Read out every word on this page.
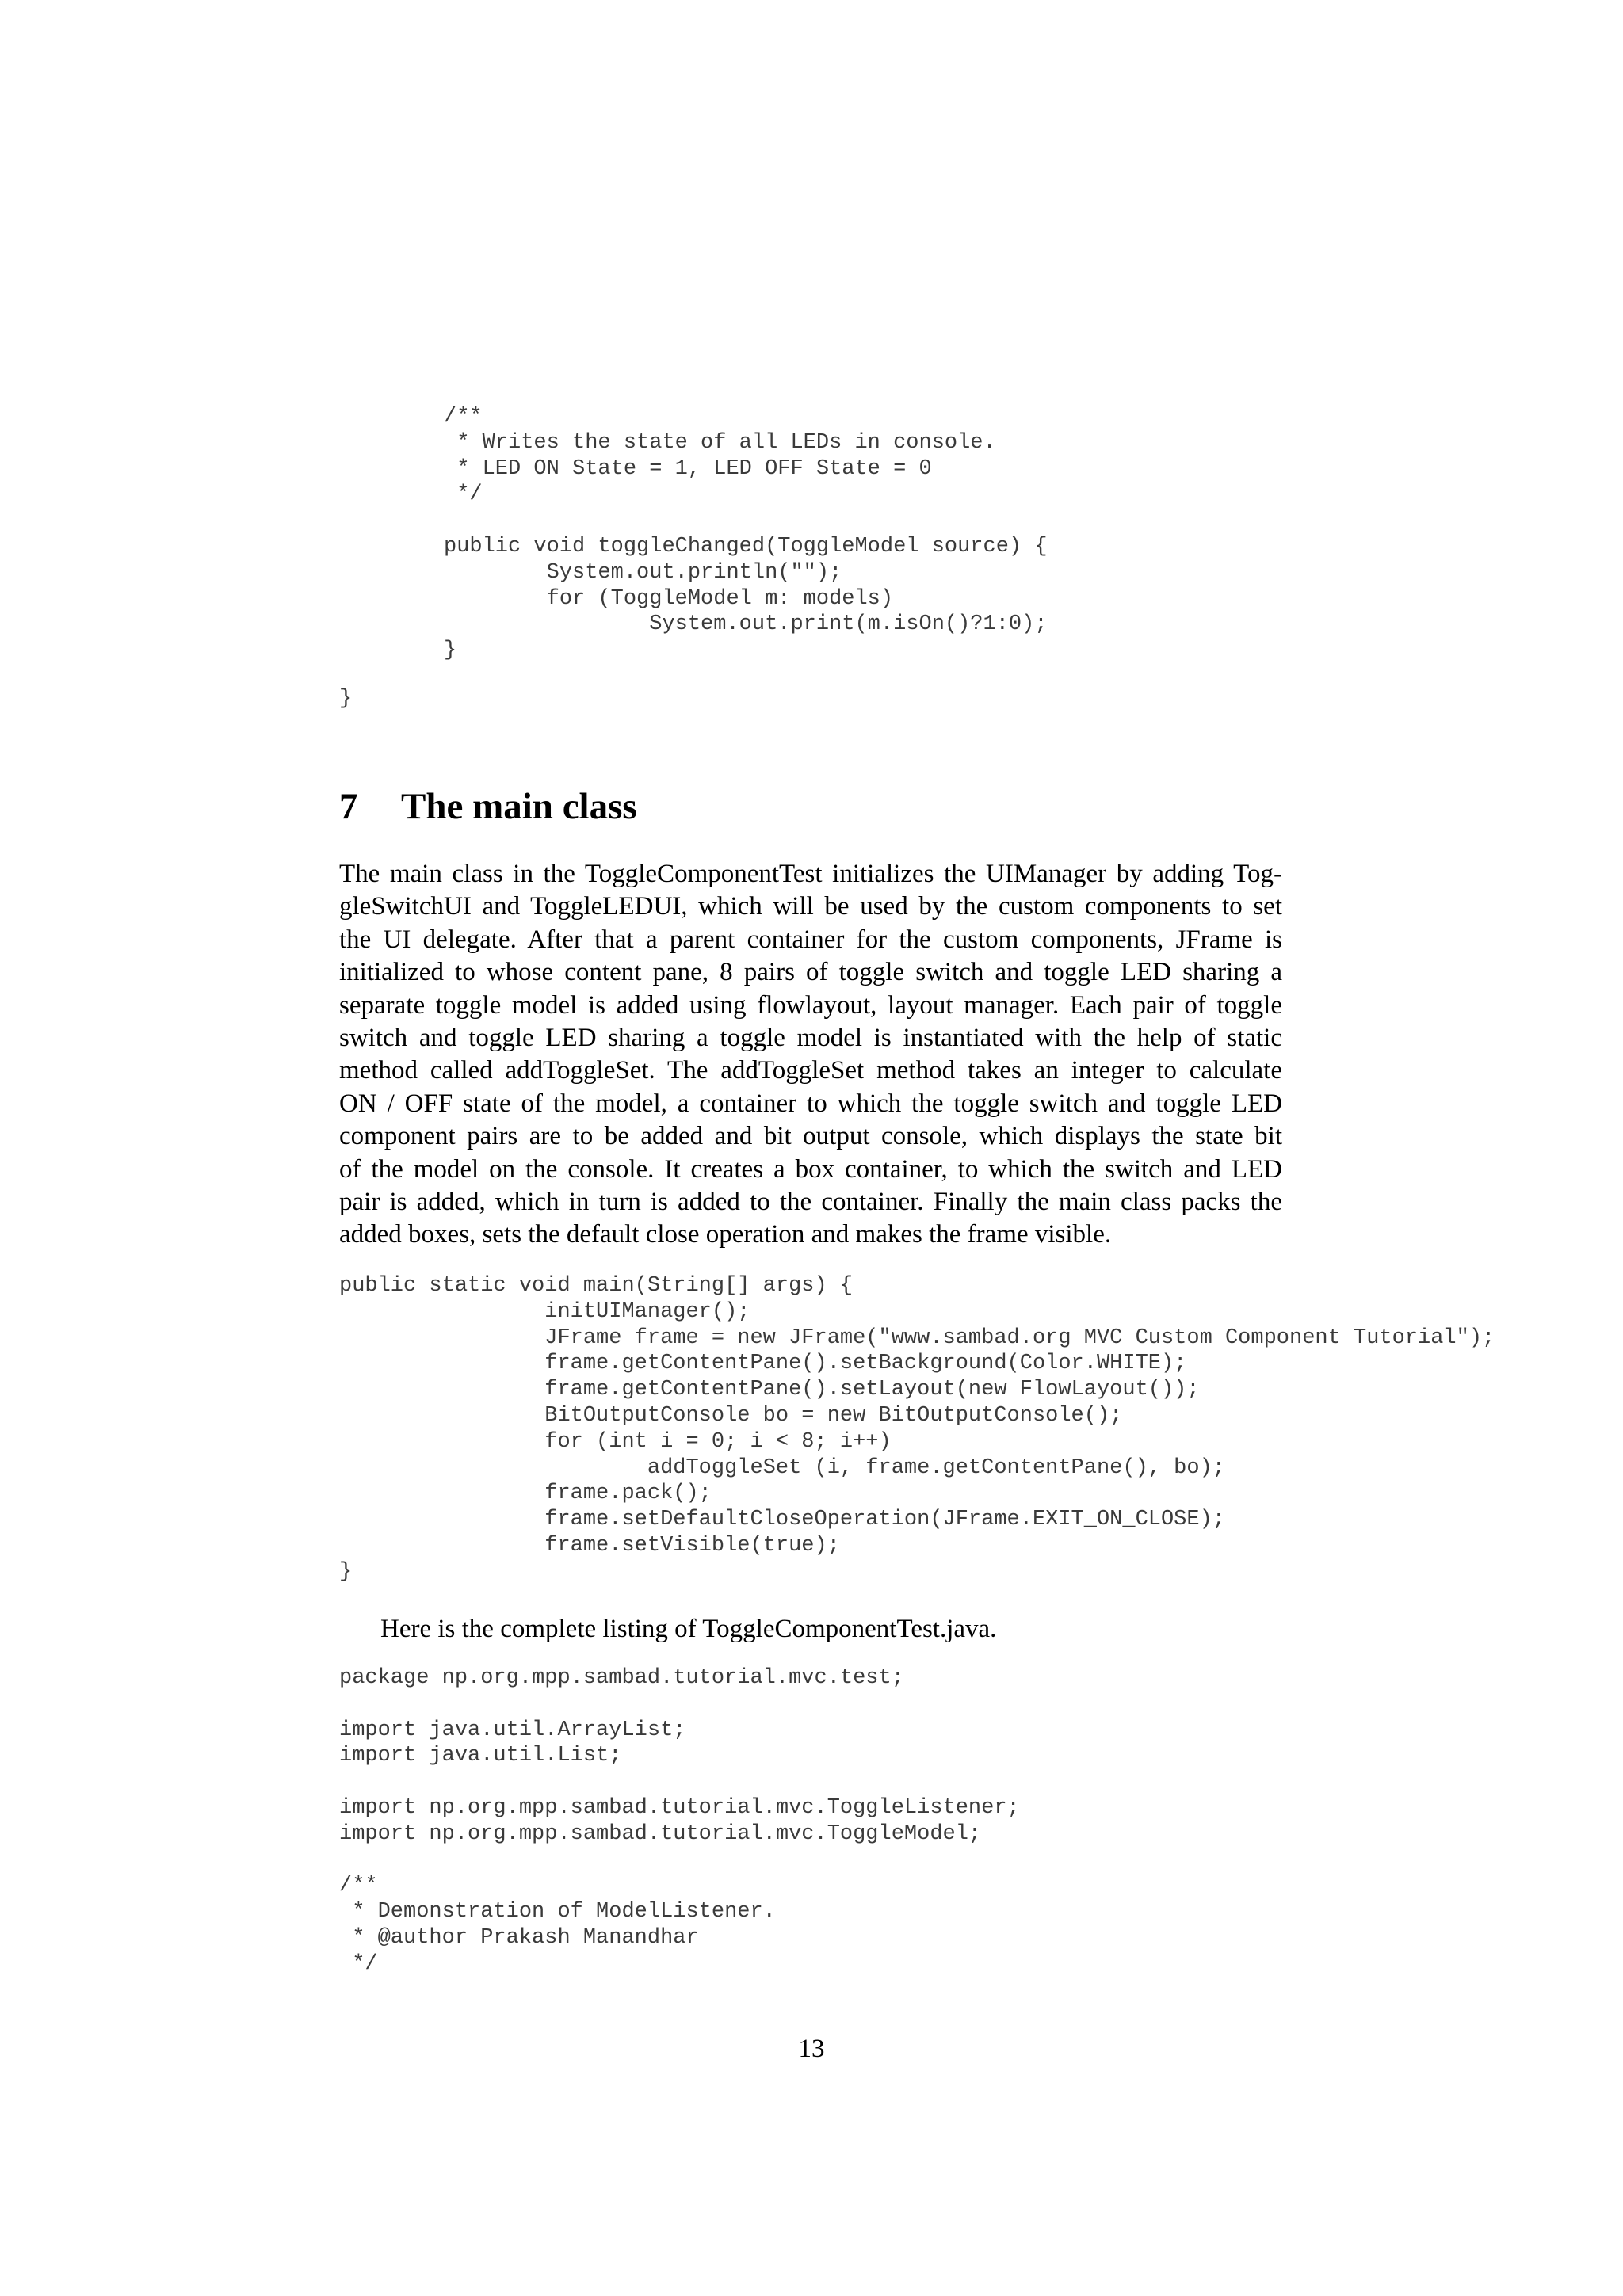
/**
* Writes the state of all LEDs in console.
* LED ON State = 1, LED OFF State = 0
*/
public void toggleChanged(ToggleModel source) {
System.out.println("");
for (ToggleModel m: models)
System.out.print(m.isOn()?1:0);
}
}
7 The main class
The main class in the ToggleComponentTest initializes the UIManager by adding Tog-
gleSwitchUI and ToggleLEDUI, which will be used by the custom components to set
the UI delegate. After that a parent container for the custom components, JFrame is
initialized to whose content pane, 8 pairs of toggle switch and toggle LED sharing a
separate toggle model is added using flowlayout, layout manager. Each pair of toggle
switch and toggle LED sharing a toggle model is instantiated with the help of static
method called addToggleSet. The addToggleSet method takes an integer to calculate
ON / OFF state of the model, a container to which the toggle switch and toggle LED
component pairs are to be added and bit output console, which displays the state bit
of the model on the console. It creates a box container, to which the switch and LED
pair is added, which in turn is added to the container. Finally the main class packs the
added boxes, sets the default close operation and makes the frame visible.
public static void main(String[] args) {
initUIManager();
JFrame frame = new JFrame("www.sambad.org MVC Custom Component Tutorial");
frame.getContentPane().setBackground(Color.WHITE);
frame.getContentPane().setLayout(new FlowLayout());
BitOutputConsole bo = new BitOutputConsole();
for (int i = 0; i < 8; i++)
addToggleSet (i, frame.getContentPane(), bo);
frame.pack();
frame.setDefaultCloseOperation(JFrame.EXIT_ON_CLOSE);
frame.setVisible(true);
}

Here is the complete listing of ToggleComponentTest.java.

package np.org.mpp.sambad.tutorial.mvc.test;
import java.util.ArrayList;
import java.util.List;
import np.org.mpp.sambad.tutorial.mvc.ToggleListener;
import np.org.mpp.sambad.tutorial.mvc.ToggleModel;
/**
* Demonstration of ModelListener.
* @author Prakash Manandhar
*/
13
